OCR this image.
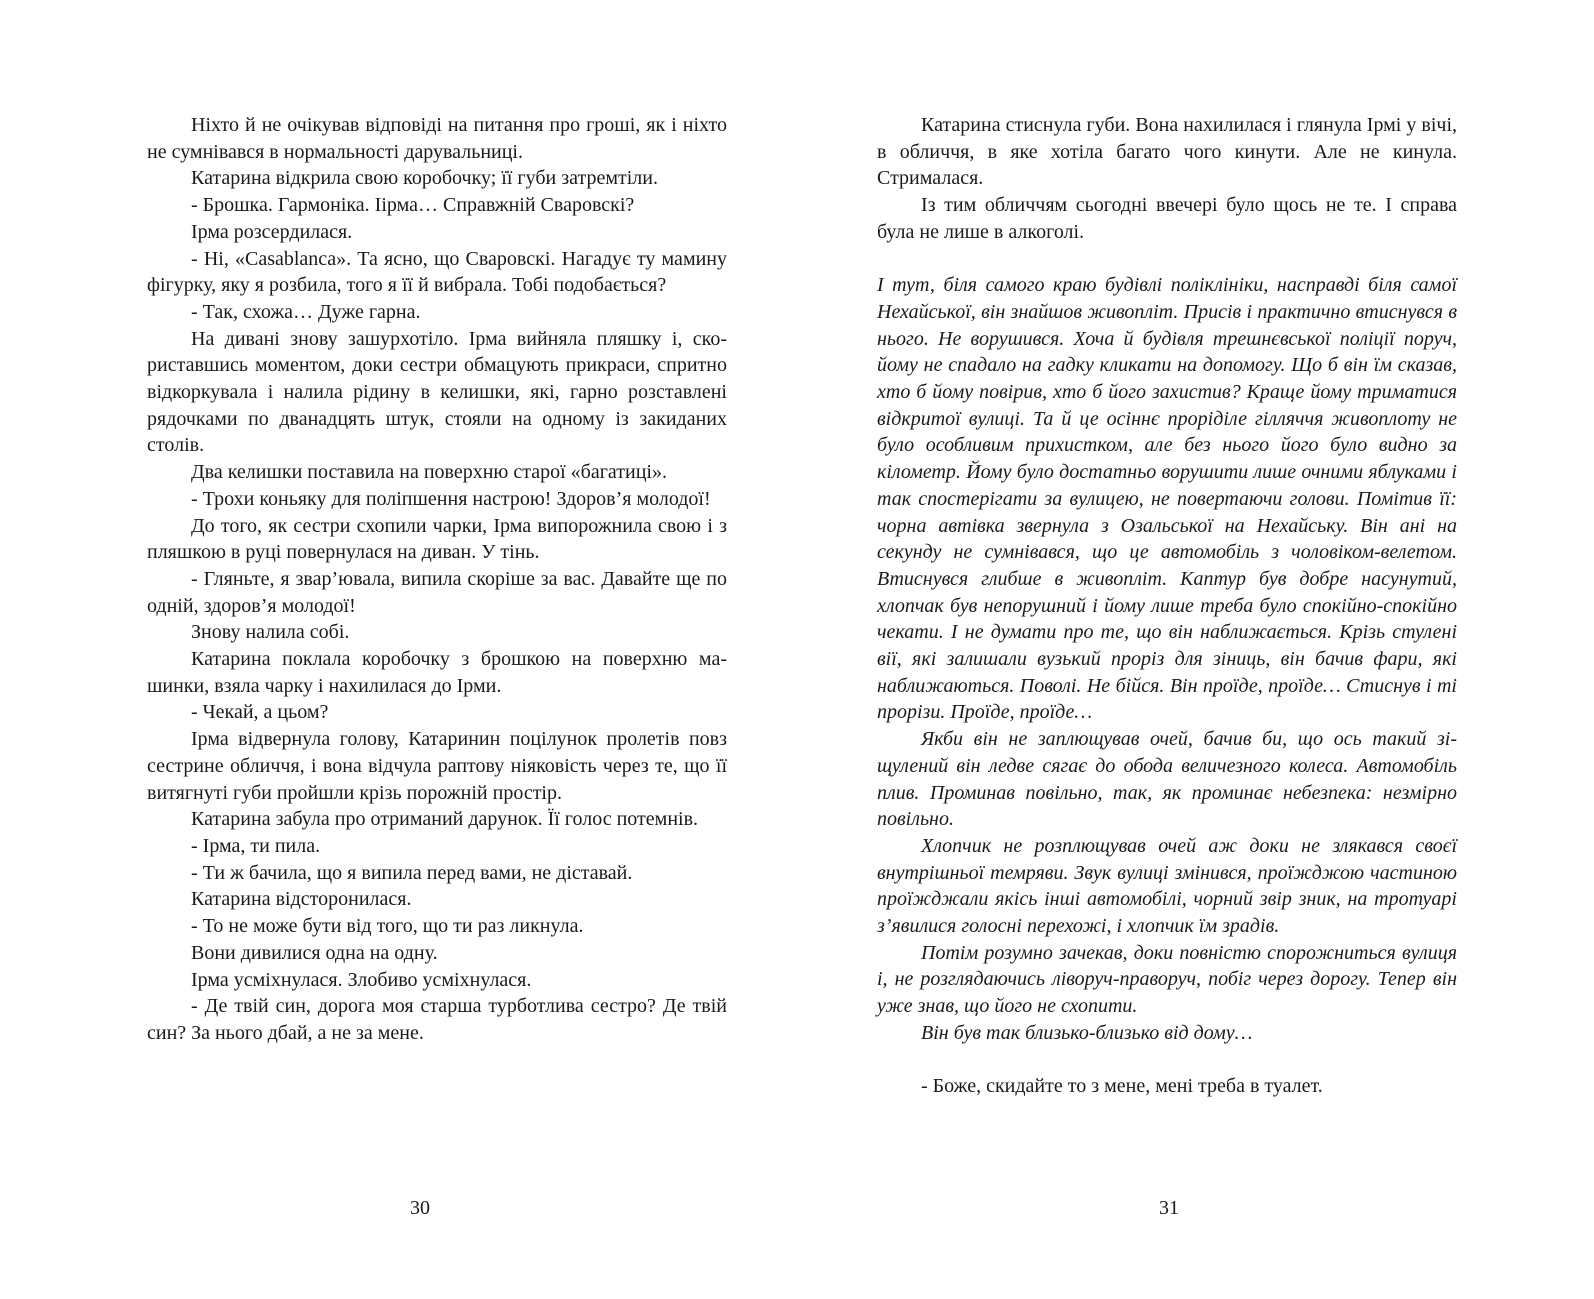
Ніхто й не очікував відповіді на питання про гроші, як і ніхто не сумнівався в нормальності дарувальниці.

Катарина відкрила свою коробочку; її губи затремтіли.

- Брошка. Гармоніка. Іiрма… Справжній Сваровскі?

Ірма розсердилася.

- Ні, «Casablanca». Та ясно, що Сваровскі. Нагадує ту мамину фігурку, яку я розбила, того я її й вибрала. Тобі подобається?

- Так, схожа… Дуже гарна.

На дивані знову зашурхотіло. Ірма вийняла пляшку і, скориставшись моментом, доки сестри обмацують прикраси, спритно відкоркувала і налила рідину в келишки, які, гарно розставлені рядочками по дванадцять штук, стояли на одному із закиданих столів.

Два келишки поставила на поверхню старої «багатиці».

- Трохи коньяку для поліпшення настрою! Здоров’я молодої!

До того, як сестри схопили чарки, Ірма випорожнила свою і з пляшкою в руці повернулася на диван. У тінь.

- Гляньте, я звар’ювала, випила скоріше за вас. Давайте ще по одній, здоров’я молодої!

Знову налила собі.

Катарина поклала коробочку з брошкою на поверхню машинки, взяла чарку і нахилилася до Ірми.

- Чекай, а цьом?

Ірма відвернула голову, Катаринин поцілунок пролетів повз сестрине обличчя, і вона відчула раптову ніяковість через те, що її витягнуті губи пройшли крізь порожній простір.

Катарина забула про отриманий дарунок. Її голос потемнів.

- Ірма, ти пила.

- Ти ж бачила, що я випила перед вами, не діставай.

Катарина відсторонилася.

- То не може бути від того, що ти раз ликнула.

Вони дивилися одна на одну.

Ірма усміхнулася. Злобиво усміхнулася.

- Де твій син, дорога моя старша турботлива сестро? Де твій син? За нього дбай, а не за мене.

30

Катарина стиснула губи. Вона нахилилася і глянула Ірмі у вічі, в обличчя, в яке хотіла багато чого кинути. Але не кинула. Стрималася.

Із тим обличчям сьогодні ввечері було щось не те. І справа була не лише в алкоголі.

І тут, біля самого краю будівлі поліклініки, насправді біля самої Нехайської, він знайшов живопліт. Присів і практично втиснувся в нього. Не ворушився. Хоча й будівля трешнєвської поліції поруч, йому не спадало на гадку кликати на допомогу. Що б він їм сказав, хто б йому повірив, хто б його захистив? Краще йому триматися відкритої вулиці. Та й це осіннє проріділе гілляччя живоплоту не було особливим прихистком, але без нього його було видно за кілометр. Йому було достатньо ворушити лише очними яблуками і так спостерігати за вулицею, не повертаючи голови. Помітив її: чорна автівка звернула з Озальської на Нехайську. Він ані на секунду не сумнівався, що це автомобіль з чоловіком-велетом. Втиснувся глибше в живопліт. Каптур був добре насунутий, хлопчак був непорушний і йому лише треба було спокійно-спокійно чекати. І не думати про те, що він наближається. Крізь стулені вії, які залишали вузький проріз для зіниць, він бачив фари, які наближаються. Поволі. Не бійся. Він проїде, проїде… Стиснув і ті прорізи. Проїде, проїде…

Якби він не заплющував очей, бачив би, що ось такий зіщулений він ледве сягає до обода величезного колеса. Автомобіль плив. Проминав повільно, так, як проминає небезпека: незмірно повільно.

Хлопчик не розплющував очей аж доки не злякався своєї внутрішньої темряви. Звук вулиці змінився, проїжджою частиною проїжджали якісь інші автомобілі, чорний звір зник, на тротуарі з’явилися голосні перехожі, і хлопчик їм зрадів.

Потім розумно зачекав, доки повністю спорожниться вулиця і, не розглядаючись ліворуч-праворуч, побіг через дорогу. Тепер він уже знав, що його не схопити.

Він був так близько-близько від дому…

- Боже, скидайте то з мене, мені треба в туалет.

31
